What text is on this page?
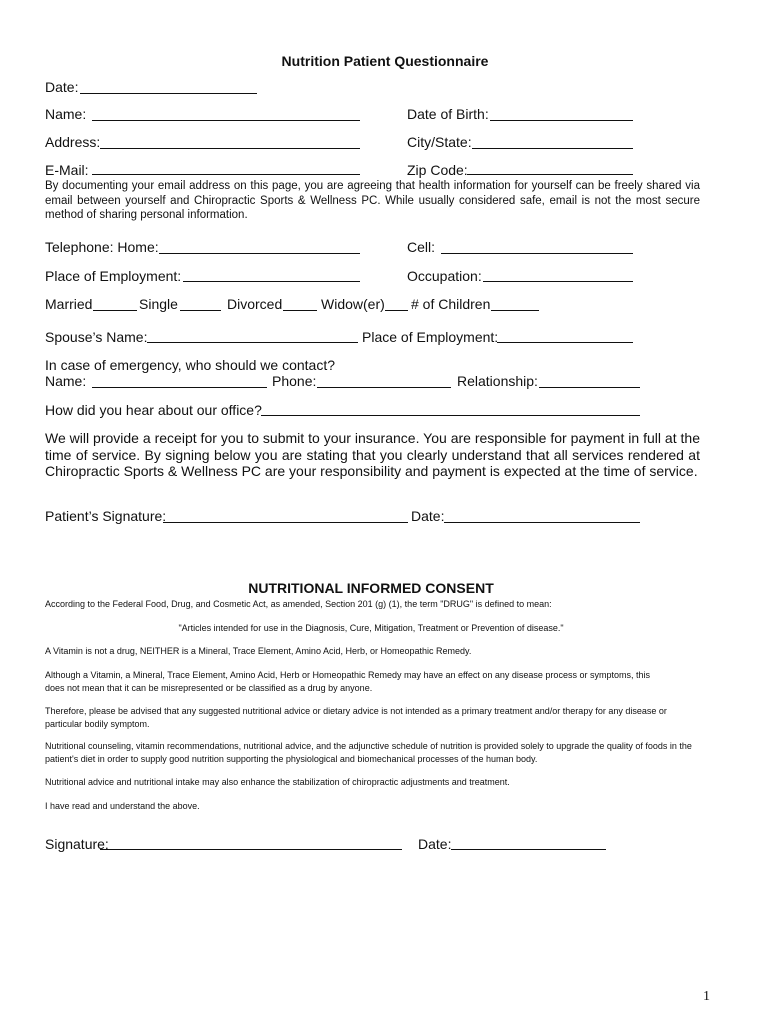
Nutrition Patient Questionnaire
Date:
Name:	Date of Birth:
Address:	City/State:
E-Mail:	Zip Code:
By documenting your email address on this page, you are agreeing that health information for yourself can be freely shared via email between yourself and Chiropractic Sports & Wellness PC. While usually considered safe, email is not the most secure method of sharing personal information.
Telephone: Home:	Cell:
Place of Employment:	Occupation:
Married	Single	Divorced	Widow(er) # of Children
Spouse’s Name:	Place of Employment:
In case of emergency, who should we contact?
Name:	Phone:	Relationship:
How did you hear about our office?
We will provide a receipt for you to submit to your insurance. You are responsible for payment in full at the time of service. By signing below you are stating that you clearly understand that all services rendered at Chiropractic Sports & Wellness PC are your responsibility and payment is expected at the time of service.
Patient’s Signature:	Date:
NUTRITIONAL INFORMED CONSENT
According to the Federal Food, Drug, and Cosmetic Act, as amended, Section 201 (g) (1), the term "DRUG" is defined to mean:
"Articles intended for use in the Diagnosis, Cure, Mitigation, Treatment or Prevention of disease."
A Vitamin is not a drug, NEITHER is a Mineral, Trace Element, Amino Acid, Herb, or Homeopathic Remedy.
Although a Vitamin, a Mineral, Trace Element, Amino Acid, Herb or Homeopathic Remedy may have an effect on any disease process or symptoms, this does not mean that it can be misrepresented or be classified as a drug by anyone.
Therefore, please be advised that any suggested nutritional advice or dietary advice is not intended as a primary treatment and/or therapy for any disease or particular bodily symptom.
Nutritional counseling, vitamin recommendations, nutritional advice, and the adjunctive schedule of nutrition is provided solely to upgrade the quality of foods in the patient's diet in order to supply good nutrition supporting the physiological and biomechanical processes of the human body.
Nutritional advice and nutritional intake may also enhance the stabilization of chiropractic adjustments and treatment.
I have read and understand the above.
Signature:	Date:
1
